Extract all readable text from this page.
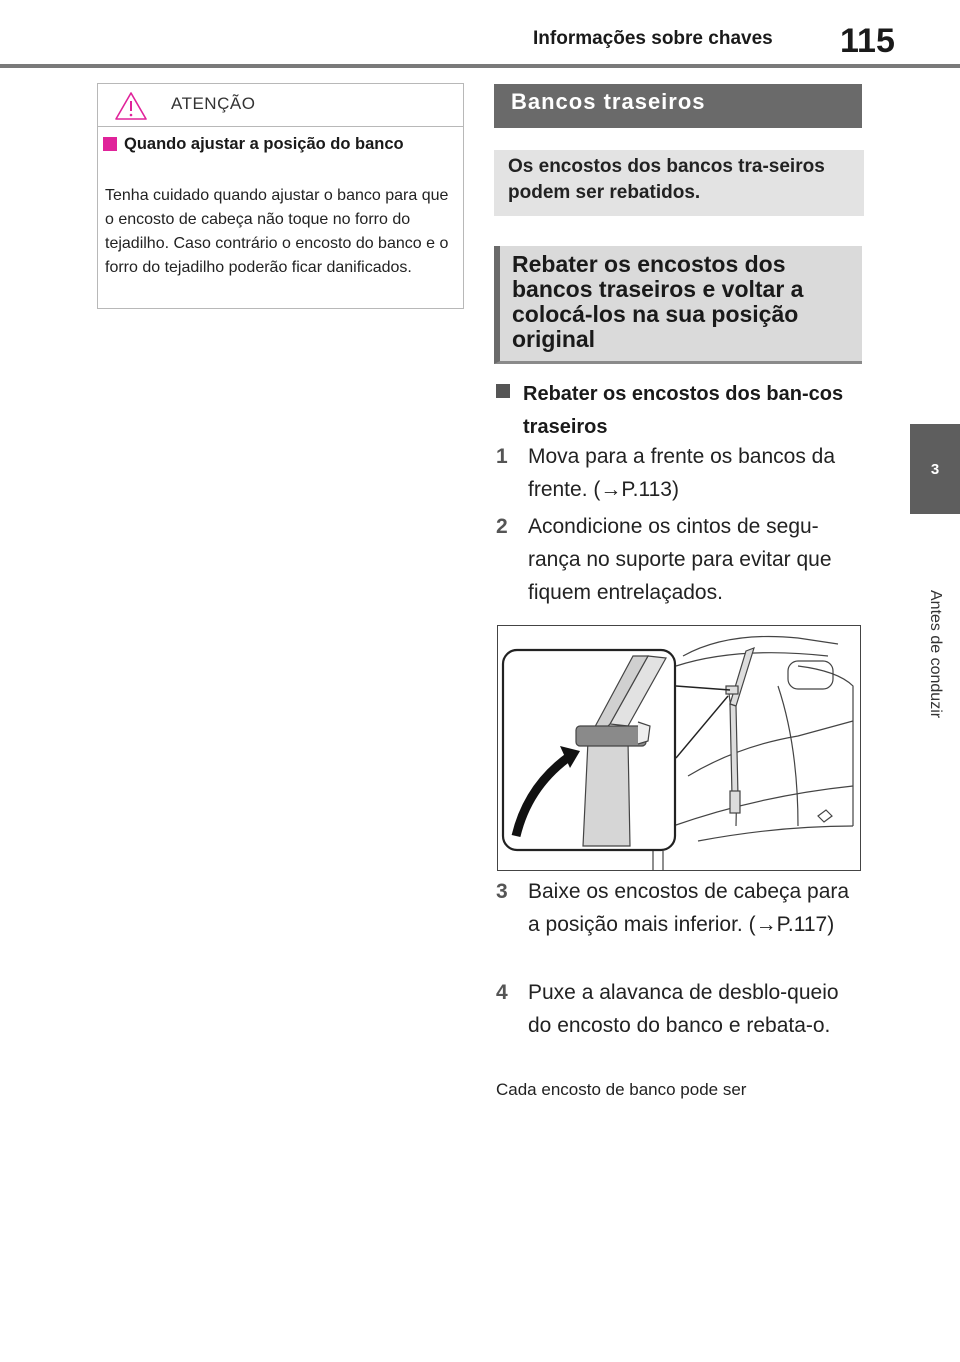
Informações sobre chaves 115
3
Antes de conduzir
ATENÇÃO
Quando ajustar a posição do banco
Tenha cuidado quando ajustar o banco para que o encosto de cabeça não toque no forro do tejadilho. Caso contrário o encosto do banco e o forro do tejadilho poderão ficar danificados.
Bancos traseiros
Os encostos dos bancos tra-seiros podem ser rebatidos.
Rebater os encostos dos bancos traseiros e voltar a colocá-los na sua posição original
Rebater os encostos dos ban-cos traseiros
1 Mova para a frente os bancos da frente. (→P.113)
2 Acondicione os cintos de segu-rança no suporte para evitar que fiquem entrelaçados.
3 Baixe os encostos de cabeça para a posição mais inferior. (→P.117)
4 Puxe a alavanca de desblo-queio do encosto do banco e rebata-o.
Cada encosto de banco pode ser
